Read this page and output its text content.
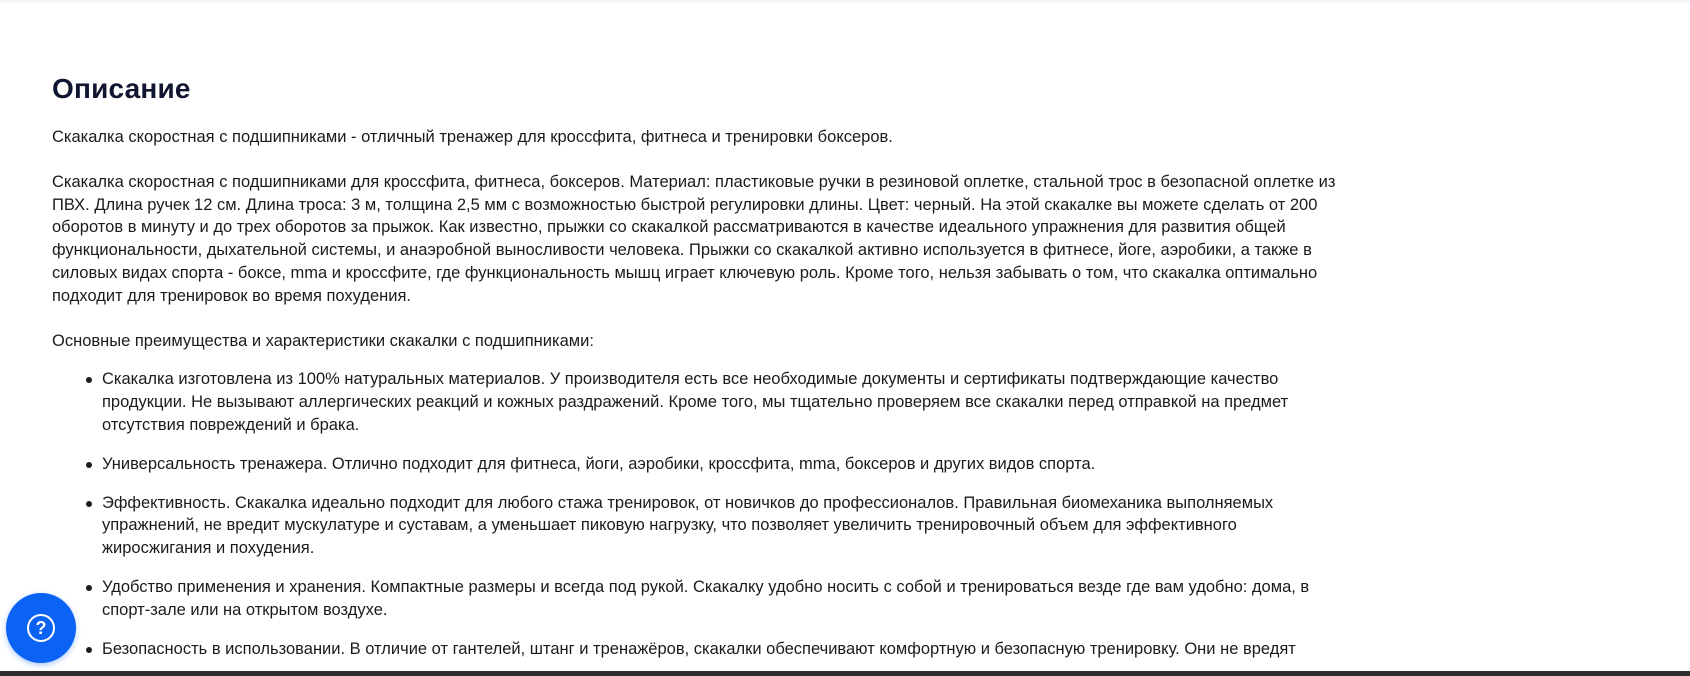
Описание

Скакалка скоростная с подшипниками - отличный тренажер для кроссфита, фитнеса и тренировки боксеров.

Скакалка скоростная с подшипниками для кроссфита, фитнеса, боксеров. Материал: пластиковые ручки в резиновой оплетке, стальной трос в безопасной оплетке из ПВХ. Длина ручек 12 см. Длина троса: 3 м, толщина 2,5 мм с возможностью быстрой регулировки длины. Цвет: черный. На этой скакалке вы можете сделать от 200 оборотов в минуту и до трех оборотов за прыжок. Как известно, прыжки со скакалкой рассматриваются в качестве идеального упражнения для развития общей функциональности, дыхательной системы, и анаэробной выносливости человека. Прыжки со скакалкой активно используется в фитнесе, йоге, аэробики, а также в силовых видах спорта - боксе, mma и кроссфите, где функциональность мышц играет ключевую роль. Кроме того, нельзя забывать о том, что скакалка оптимально подходит для тренировок во время похудения.

Основные преимущества и характеристики скакалки с подшипниками:

Скакалка изготовлена из 100% натуральных материалов. У производителя есть все необходимые документы и сертификаты подтверждающие качество продукции. Не вызывают аллергических реакций и кожных раздражений. Кроме того, мы тщательно проверяем все скакалки перед отправкой на предмет отсутствия повреждений и брака.
Универсальность тренажера. Отлично подходит для фитнеса, йоги, аэробики, кроссфита, mma, боксеров и других видов спорта.
Эффективность. Скакалка идеально подходит для любого стажа тренировок, от новичков до профессионалов. Правильная биомеханика выполняемых упражнений, не вредит мускулатуре и суставам, а уменьшает пиковую нагрузку, что позволяет увеличить тренировочный объем для эффективного жиросжигания и похудения.
Удобство применения и хранения. Компактные размеры и всегда под рукой. Скакалку удобно носить с собой и тренироваться везде где вам удобно: дома, в спорт-зале или на открытом воздухе.
Безопасность в использовании. В отличие от гантелей, штанг и тренажёров, скакалки обеспечивают комфортную и безопасную тренировку. Они не вредят
?
